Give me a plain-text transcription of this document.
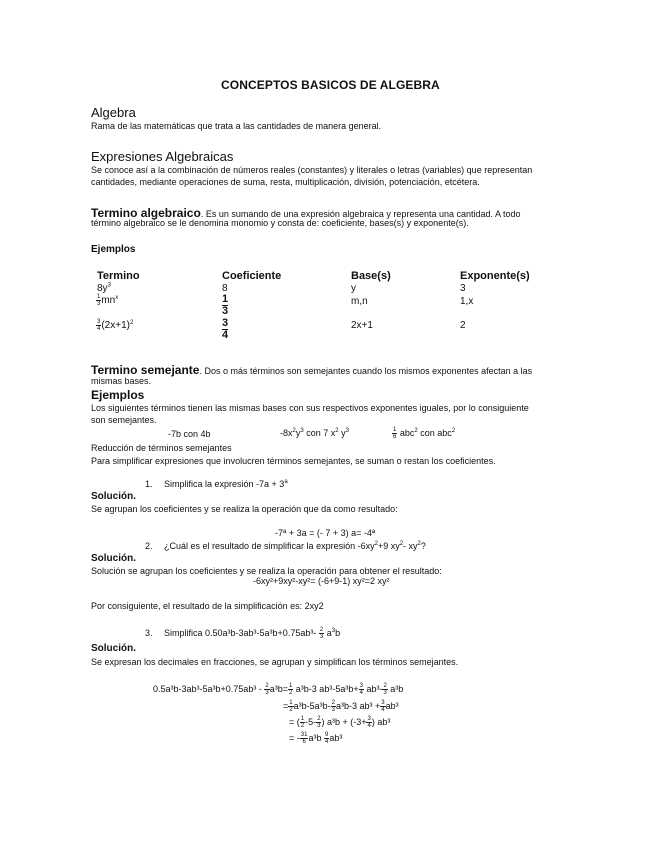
CONCEPTOS BASICOS DE ALGEBRA
Algebra
Rama de las matemáticas que trata a las cantidades de manera general.
Expresiones Algebraicas
Se conoce así a la combinación de números reales (constantes) y literales o letras (variables) que representan
cantidades, mediante operaciones de suma, resta, multiplicación, división, potenciación, etcétera.
Termino algebraico. Es un sumando de una expresión algebraica y representa una cantidad. A todo
término algebraico se le denomina monomio y consta de: coeficiente, bases(s) y exponente(s).
Ejemplos
Termino	Coeficiente	Base(s)	Exponente(s)
$8y^3$	8	y	3
$\frac{1}{3} mn^x$	$\frac{1}{3}$	m,n	1,x
$\frac{3}{4} (2x+1)^2$	$\frac{3}{4}$	2x+1	2
Termino semejante. Dos o más términos son semejantes cuando los mismos exponentes afectan a las
mismas bases.
Ejemplos
Los siguientes términos tienen las mismas bases con sus respectivos exponentes iguales, por lo consiguiente
son semejantes.
-7b con 4b	$-8x^2y^3$ con 7 $x^2$ $y^3$	$\frac{1}{6} abc^2$ con abc$^2$
Reducción de términos semejantes
Para simplificar expresiones que involucren términos semejantes, se suman o restan los coeficientes.
1. Simplifica la expresión $-7a + 3^a$
Solución.
Se agrupan los coeficientes y se realiza la operación que da como resultado:
-7ª + 3a = (- 7 + 3) a= -4ª
2. ¿Cuál es el resultado de simplificar la expresión $-6xy^2+9$ $xy^2-$ $xy^2$?
Solución.
Solución se agrupan los coeficientes y se realiza la operación para obtener el resultado:
-6xy²+9xy²-xy²= (-6+9-1) xy²=2 xy²
Por consiguiente, el resultado de la simplificación es: 2xy2
3. Simplifica $0.50a^3b-3ab^3-5a^3b+0.75ab^3- \frac{2}{3} a^3b$
Solución.
Se expresan los decimales en fracciones, se agrupan y simplifican los términos semejantes.
$0.5a^3b-3ab^3-5a^3b+0.75ab^3 - \frac{2}{3} a^3b= \frac{1}{2} a^3b-3$ $ab^3-5a^3b+ \frac{3}{4} ab^3- \frac{2}{3} a^3b$
= $\frac{1}{2} a^3b-5a^3b- \frac{2}{3} a^3b-3$ $ab^3 + \frac{3}{4} ab^3$
= ( $\frac{1}{2} -5- \frac{2}{3}$ ) $a^3b + (-3+ \frac{3}{4}$ ) ab³
= - $\frac{31}{6} a^3b \frac{9}{4} ab^3$
